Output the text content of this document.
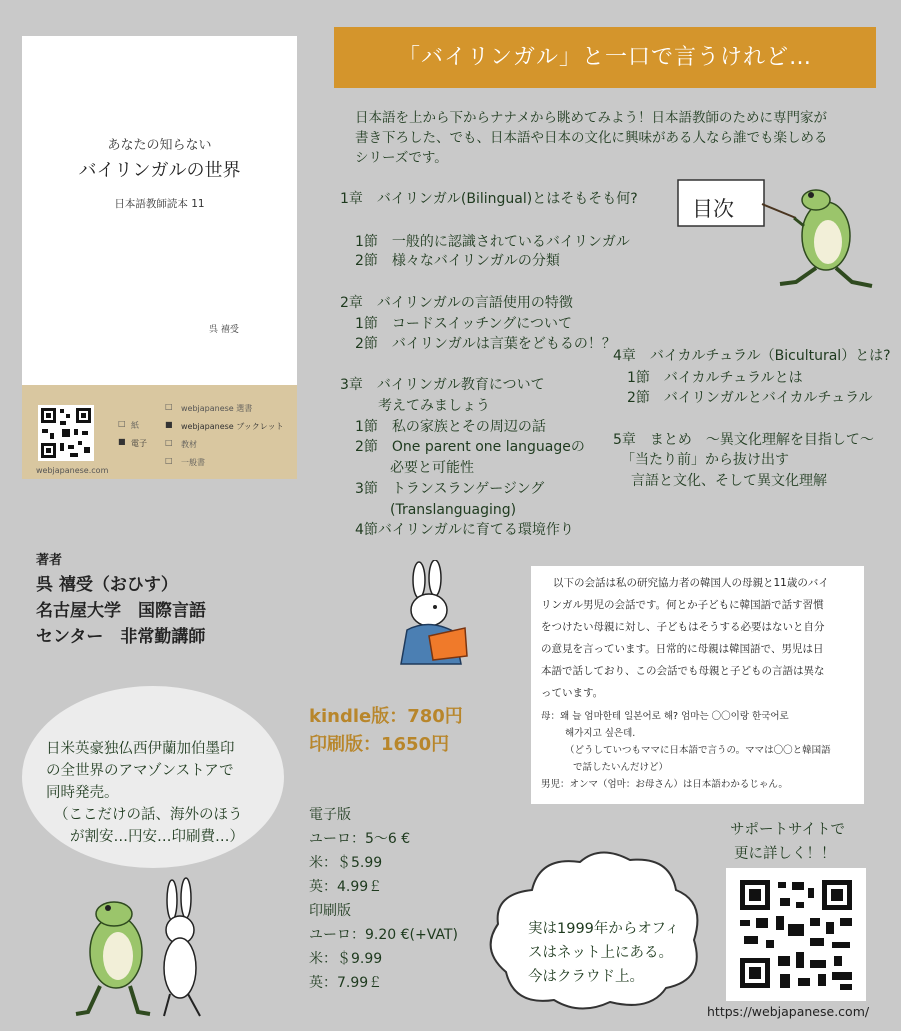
あなたの知らない
バイリンガルの世界
日本語教師読本 11
呉 禧受
□ 紙
■ 電子
□ webjapanese 選書
■ webjapanese ブックレット
□ 教材
□ 一般書
webjapanese.com
「バイリンガル」と一口で言うけれど…
日本語を上から下からナナメから眺めてみよう！日本語教師のために専門家が
書き下ろした、でも、日本語や日本の文化に興味がある人なら誰でも楽しめる
シリーズです。
目次
1章　バイリンガル(Bilingual)とはそもそも何?
1節　一般的に認識されているバイリンガル
2節　様々なバイリンガルの分類
2章　バイリンガルの言語使用の特徴
1節　コードスイッチングについて
2節　バイリンガルは言葉をどもるの！？
3章　バイリンガル教育について
考えてみましょう
1節　私の家族とその周辺の話
2節　One parent one languageの
必要と可能性
3節　トランスランゲージング
(Translanguaging)
4節バイリンガルに育てる環境作り
4章　バイカルチュラル（Bicultural）とは?
1節　バイカルチュラルとは
2節　バイリンガルとバイカルチュラル
5章　まとめ　～異文化理解を目指して～
「当たり前」から抜け出す
言語と文化、そして異文化理解
著者
呉 禧受（おひす）
名古屋大学　国際言語
センター　非常勤講師
日米英豪独仏西伊蘭加伯墨印
の全世界のアマゾンストアで
同時発売。
（ここだけの話、海外のほう
が割安…円安…印刷費…）
kindle版：780円
印刷版：1650円
電子版
ユーロ：5～6 €
米：＄5.99
英：4.99￡
印刷版
ユーロ：9.20 €(+VAT)
米：＄9.99
英：7.99￡
以下の会話は私の研究協力者の韓国人の母親と11歳のバイ
リンガル男児の会話です。何とか子どもに韓国語で話す習慣
をつけたい母親に対し、子どもはそうする必要はないと自分
の意見を言っています。日常的に母親は韓国語で、男児は日
本語で話しており、この会話でも母親と子どもの言語は異な
っています。
母：왜 늘 엄마한테 일본어로 해? 엄마는 〇〇이랑 한국어로
해가지고 싶은데.
（どうしていつもママに日本語で言うの。ママは〇〇と韓国語
で話したいんだけど）
男児：オンマ（엄마：お母さん）は日本語わかるじゃん。
実は1999年からオフィ
スはネット上にある。
今はクラウド上。
サポートサイトで
更に詳しく！！
https://webjapanese.com/
